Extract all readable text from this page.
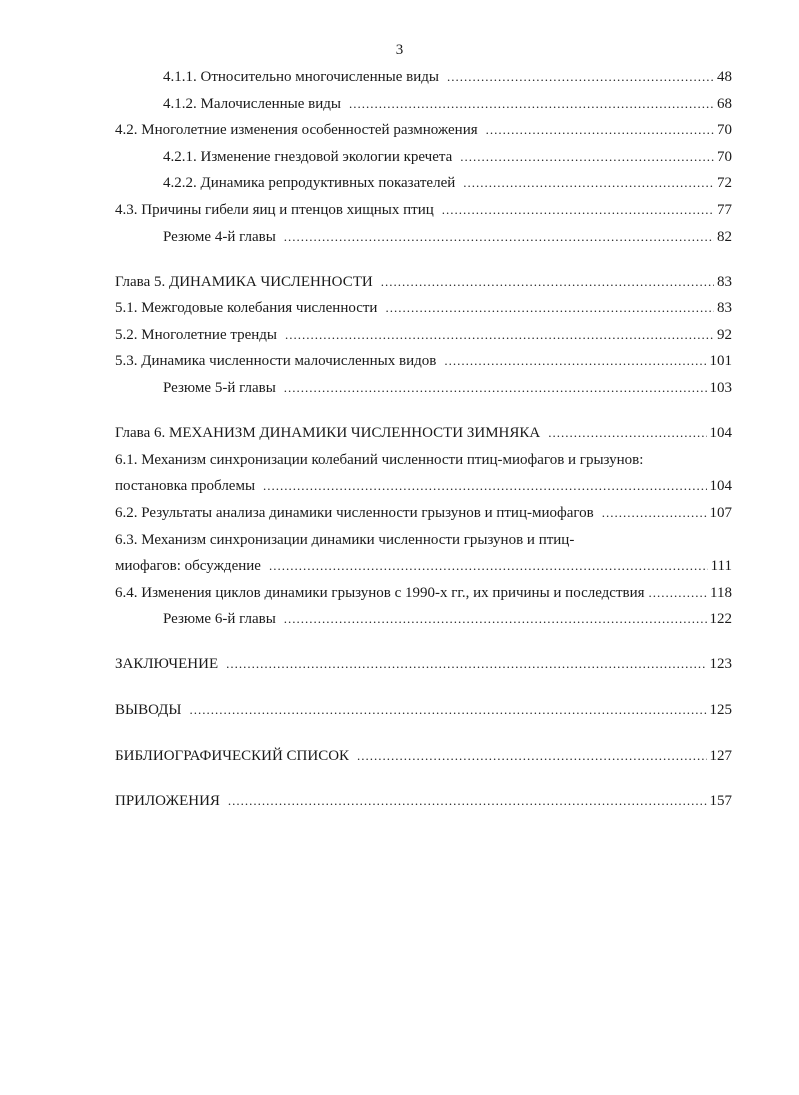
3
4.1.1. Относительно многочисленные виды .....	48
4.1.2. Малочисленные виды .....	68
4.2. Многолетние изменения особенностей размножения .....	70
4.2.1. Изменение гнездовой экологии кречета .....	70
4.2.2. Динамика репродуктивных показателей .....	72
4.3. Причины гибели яиц и птенцов хищных птиц .....	77
Резюме 4-й главы .....	82
Глава 5. ДИНАМИКА ЧИСЛЕННОСТИ .....	83
5.1. Межгодовые колебания численности .....	83
5.2. Многолетние тренды .....	92
5.3. Динамика численности малочисленных видов .....	101
Резюме 5-й главы .....	103
Глава 6. МЕХАНИЗМ ДИНАМИКИ ЧИСЛЕННОСТИ ЗИМНЯКА .....	104
6.1. Механизм синхронизации колебаний численности птиц-миофагов и грызунов:
постановка проблемы .....	104
6.2. Результаты анализа динамики численности грызунов и птиц-миофагов .....	107
6.3. Механизм синхронизации динамики численности грызунов и птиц-
миофагов: обсуждение .....	111
6.4. Изменения циклов динамики грызунов с 1990-х гг., их причины и последствия .....	118
Резюме 6-й главы .....	122
ЗАКЛЮЧЕНИЕ .....	123
ВЫВОДЫ .....	125
БИБЛИОГРАФИЧЕСКИЙ СПИСОК .....	127
ПРИЛОЖЕНИЯ .....	157
